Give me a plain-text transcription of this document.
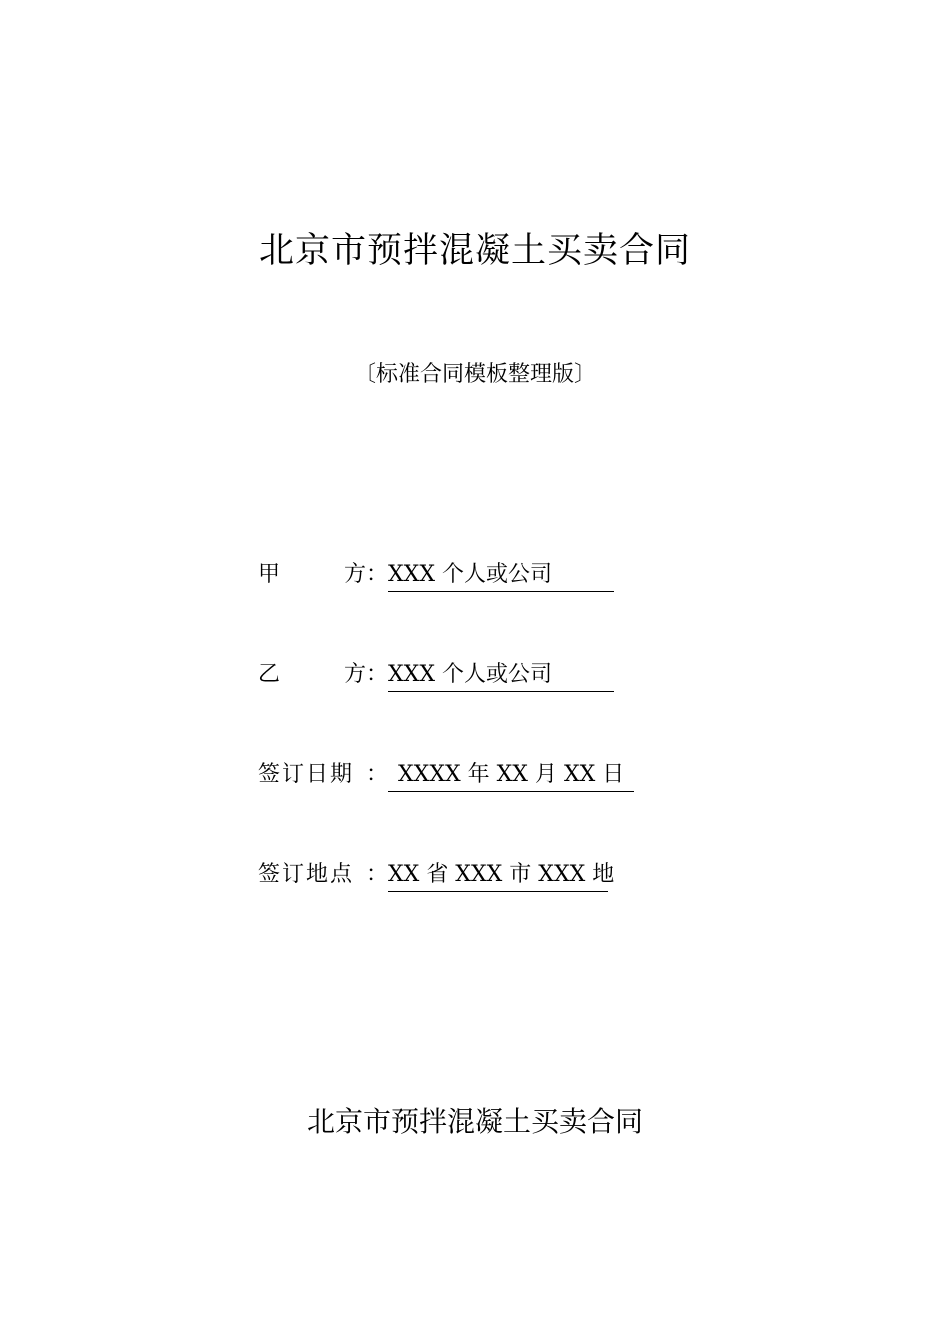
北京市预拌混凝土买卖合同
〔标准合同模板整理版〕
甲	方 ： XXX 个人或公司
乙	方 ： XXX 个人或公司
签订日期 ： XXXX 年 XX 月 XX 日
签订地点 ： XX 省 XXX 市 XXX 地
北京市预拌混凝土买卖合同
